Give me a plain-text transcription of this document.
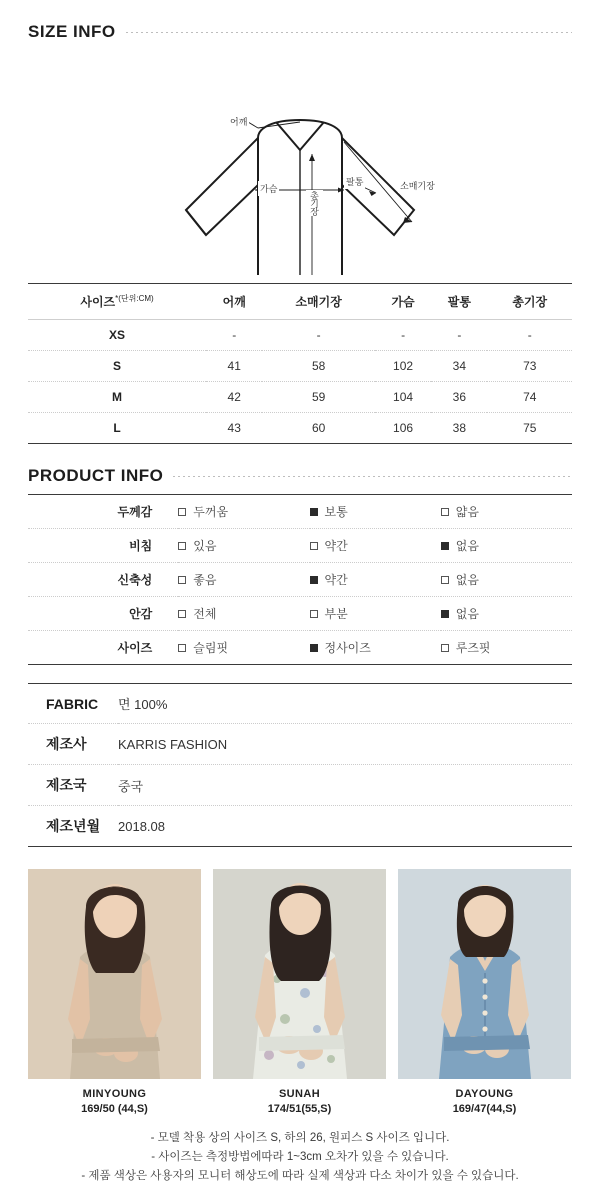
SIZE INFO
어깨
가슴
팔통	소매기장
총기장
사이즈$^{*(단위:CM)}$	어깨	소매기장	가슴	팔통	총기장
XS	-	-	-	-	-
S	41	58	102	34	73
M	42	59	104	36	74
L	43	60	106	38	75
PRODUCT INFO
두께감	두꺼움	보통	얇음
비침	있음	약간	없음
신축성	좋음	약간	없음
안감	전체	부분	없음
사이즈	슬림핏	정사이즈	루즈핏
FABRIC	면 100%
제조사	KARRIS FASHION
제조국	중국
제조년월	2018.08
MINYOUNG
169/50 (44,S)
SUNAH
174/51(55,S)
DAYOUNG
169/47(44,S)
- 모델 착용 상의 사이즈 S, 하의 26, 원피스 S 사이즈 입니다.
- 사이즈는 측정방법에따라 1~3cm 오차가 있을 수 있습니다.
- 제품 색상은 사용자의 모니터 해상도에 따라 실제 색상과 다소 차이가 있을 수 있습니다.
